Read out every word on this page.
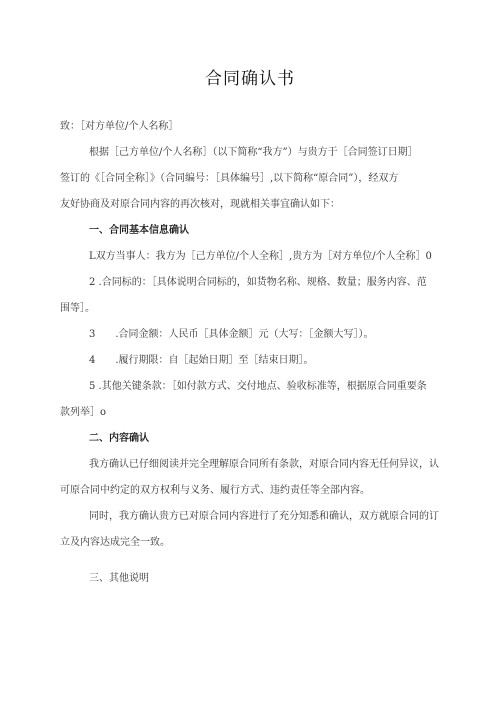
合同确认书

致：［对方单位/个人名称］

根据［己方单位/个人名称］（以下简称“我方”）与贵方于［合同签订日期］

签订的《［合同全称］》（合同编号：［具体编号］,以下简称“原合同”），经双方

友好协商及对原合同内容的再次核对，现就相关事宜确认如下：

一、合同基本信息确认

L双方当事人：我方为［己方单位/个人全称］,贵方为［对方单位/个人全称］0

2 .合同标的：［具体说明合同标的，如货物名称、规格、数量；服务内容、范

围等］。

3　　.合同金额：人民币［具体金额］元（大写：［金额大写］）。

4　　.履行期限：自［起始日期］至［结束日期］。

5 .其他关键条款：［如付款方式、交付地点、验收标准等，根据原合同重要条

款列举］o

二、内容确认

我方确认已仔细阅读并完全理解原合同所有条款，对原合同内容无任何异议，认

可原合同中约定的双方权利与义务、履行方式、违约责任等全部内容。

同时，我方确认贵方已对原合同内容进行了充分知悉和确认，双方就原合同的订

立及内容达成完全一致。

三、其他说明
